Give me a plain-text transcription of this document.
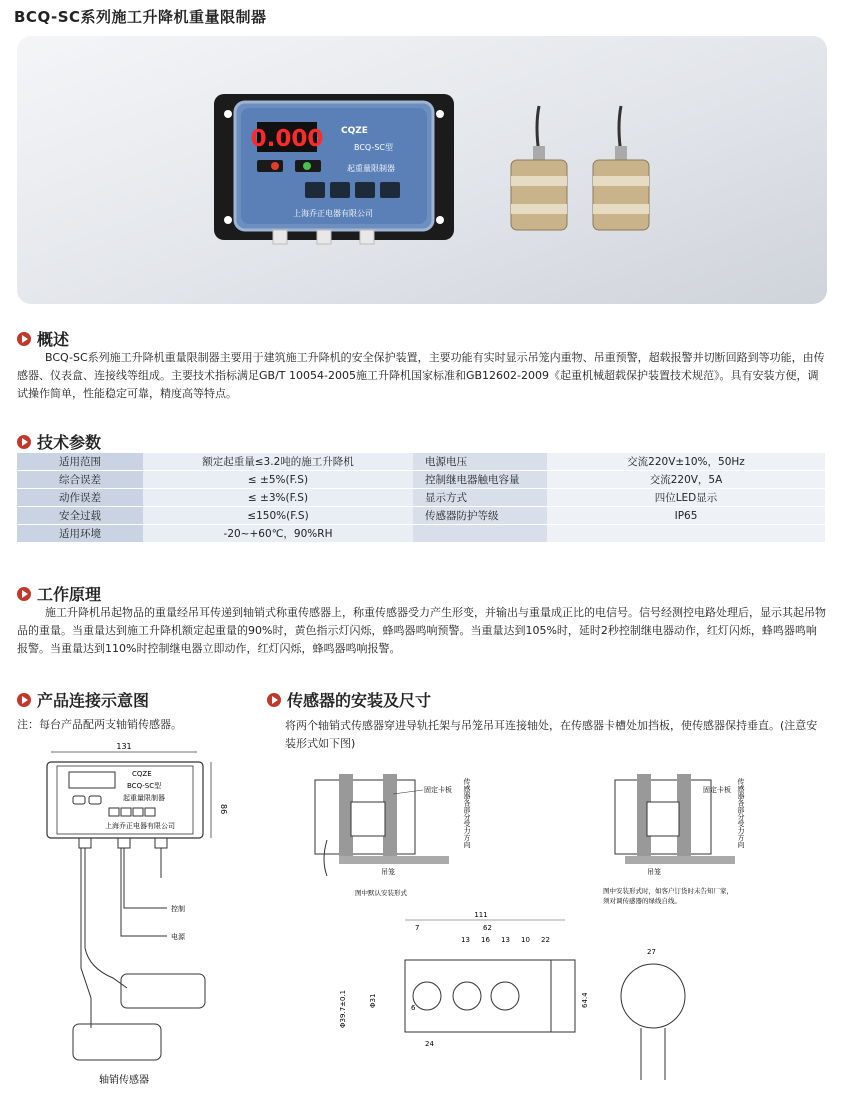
BCQ-SC系列施工升降机重量限制器
0.000 CQZE
BCQ-SC型
起重量限制器
上海乔正电器有限公司
概述
BCQ-SC系列施工升降机重量限制器主要用于建筑施工升降机的安全保护装置，主要功能有实时显示吊笼内重物、吊重预警，超载报警并切断回路到等功能，由传感器、仪表盒、连接线等组成。主要技术指标满足GB/T 10054-2005施工升降机国家标准和GB12602-2009《起重机械超载保护装置技术规范》。具有安装方便，调试操作简单，性能稳定可靠，精度高等特点。
技术参数
适用范围	额定起重量≤3.2吨的施工升降机	电源电压	交流220V±10%，50Hz
综合误差	≤ ±5%(F.S)	控制继电器触电容量	交流220V，5A
动作误差	≤ ±3%(F.S)	显示方式	四位LED显示
安全过载	≤150%(F.S)	传感器防护等级	IP65
适用环境	-20~+60℃，90%RH		
工作原理
施工升降机吊起物品的重量经吊耳传递到轴销式称重传感器上，称重传感器受力产生形变，并输出与重量成正比的电信号。信号经测控电路处理后，显示其起吊物品的重量。当重量达到施工升降机额定起重量的90%时，黄色指示灯闪烁，蜂鸣器鸣响预警。当重量达到105%时，延时2秒控制继电器动作，红灯闪烁，蜂鸣器鸣响报警。当重量达到110%时控制继电器立即动作，红灯闪烁，蜂鸣器鸣响报警。
产品连接示意图
注：每台产品配两支轴销传感器。
131
86
CQZE
BCQ-SC型
起重量限制器
上海乔正电器有限公司
控制
电源
轴销传感器
传感器的安装及尺寸
将两个轴销式传感器穿进导轨托架与吊笼吊耳连接轴处，在传感器卡槽处加挡板，使传感器保持垂直。(注意安装形式如下图)
固定卡板
吊笼
图中默认安装形式
传感器各部分受力方向	固定卡板
吊笼
图中安装形式时，如客户订货时未告知厂家，
须对调传感器的绿线自线。
传感器各部分受力方向
111
7	62
13 16 13 10 22
Φ39.7±0.1	Φ31	6
24
64.4
27
